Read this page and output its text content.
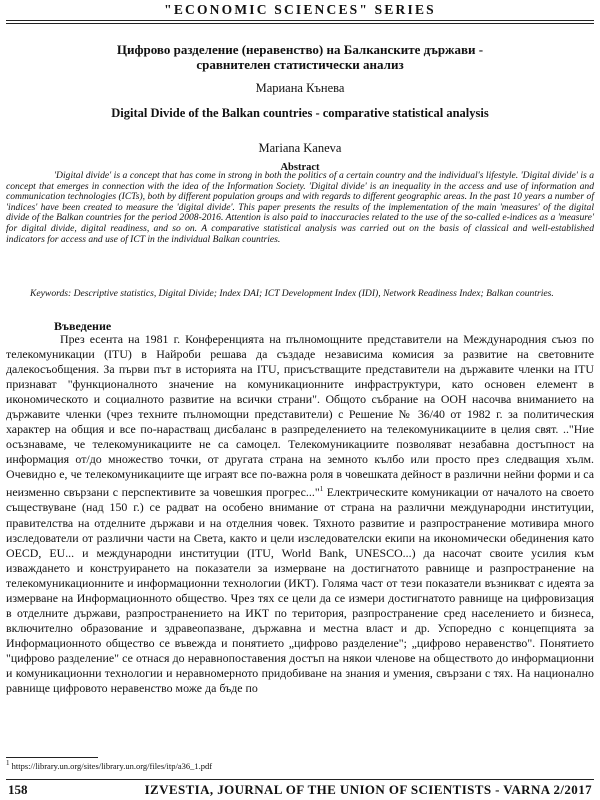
"ECONOMIC SCIENCES" SERIES
Цифрово разделение (неравенство) на Балканските държави -
сравнителен статистически анализ
Мариана Кънева
Digital Divide of the Balkan countries - comparative statistical analysis
Mariana Kaneva
Abstract
'Digital divide' is a concept that has come in strong in both the politics of a certain country and the individual's lifestyle. 'Digital divide' is a concept that emerges in connection with the idea of the Information Society. 'Digital divide' is an inequality in the access and use of information and communication technologies (ICTs), both by different population groups and with regards to different geographic areas. In the past 10 years a number of 'indices' have been created to measure the 'digital divide'. This paper presents the results of the implementation of the main 'measures' of the digital divide of the Balkan countries for the period 2008-2016. Attention is also paid to inaccuracies related to the use of the so-called e-indices as a 'measure' for digital divide, digital readiness, and so on. A comparative statistical analysis was carried out on the basis of classical and well-established indicators for access and use of ICT in the individual Balkan countries.
Keywords: Descriptive statistics, Digital Divide; Index DAI; ICT Development Index (IDI), Network Readiness Index; Balkan countries.
Въведение
През есента на 1981 г. Конференцията на пълномощните представители на Международния съюз по телекомуникации (ITU) в Найроби решава да създаде независима комисия за развитие на световните далекосъобщения. За първи път в историята на ITU, присъстващите представители на държавите членки на ITU признават "функционалното значение на комуникационните инфраструктури, като основен елемент в икономическото и социалното развитие на всички страни". Общото събрание на ООН насочва вниманието на държавите членки (чрез техните пълномощни представители) с Решение № 36/40 от 1982 г. за политическия характер на общия и все по-нарастващ дисбаланс в разпределението на телекомуникациите в целия свят. .."Ние осъзнаваме, че телекомуникациите не са самоцел. Телекомуникациите позволяват незабавна достъпност на информация от/до множество точки, от другата страна на земното кълбо или просто през следващия хълм. Очевидно е, че телекомуникациите ще играят все по-важна роля в човешката дейност в различни нейни форми и са неизменно свързани с перспективите за човешкия прогрес..."$^1$ Електрическите комуникации от началото на своето съществуване (над 150 г.) се радват на особено внимание от страна на различни международни институции, правителства на отделните държави и на отделния човек. Тяхното развитие и разпространение мотивира много изследователи от различни части на Света, както и цели изследователски екипи на икономически обединения като OECD, EU... и международни институции (ITU, World Bank, UNESCO...) да насочат своите усилия към изваждането и конструирането на показатели за измерване на достигнатото равнище и разпространение на телекомуникационните и информационни технологии (ИКТ). Голяма част от тези показатели възникват с идеята за измерване на Информационното общество. Чрез тях се цели да се измери достигнатото равнище на цифровизация в отделните държави, разпространението на ИКТ по територия, разпространение сред населението и бизнеса, включително образование и здравеопазване, държавна и местна власт и др. Успоредно с концепцията за Информационното общество се въвежда и понятието „цифрово разделение"; „цифрово неравенство". Понятието "цифрово разделение" се отнася до неравнопоставения достъп на някои членове на обществото до информационни и комуникационни технологии и неравномерното придобиване на знания и умения, свързани с тях. На национално равнище цифровото неравенство може да бъде по
$^1$ https://library.un.org/sites/library.un.org/files/itp/a36_1.pdf
158	IZVESTIA, JOURNAL OF THE UNION OF SCIENTISTS - VARNA 2/2017
